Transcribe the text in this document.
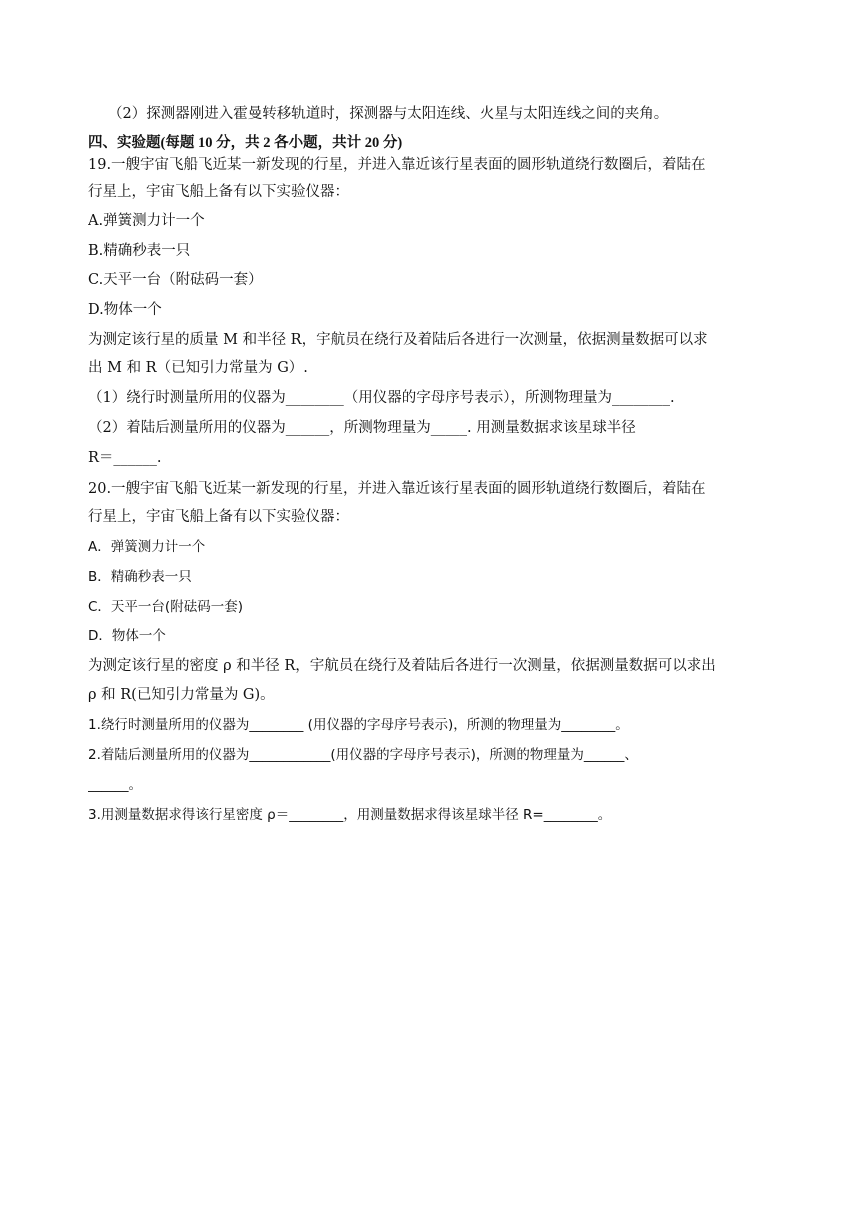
（2）探测器刚进入霍曼转移轨道时，探测器与太阳连线、火星与太阳连线之间的夹角。
四、实验题(每题 10 分，共 2 各小题，共计 20 分)
19.一艘宇宙飞船飞近某一新发现的行星，并进入靠近该行星表面的圆形轨道绕行数圈后，着陆在
行星上，宇宙飞船上备有以下实验仪器：
A.弹簧测力计一个
B.精确秒表一只
C.天平一台（附砝码一套）
D.物体一个
为测定该行星的质量 M 和半径 R，宇航员在绕行及着陆后各进行一次测量，依据测量数据可以求
出 M 和 R（已知引力常量为 G）.
（1）绕行时测量所用的仪器为________（用仪器的字母序号表示），所测物理量为________.
（2）着陆后测量所用的仪器为______，所测物理量为_____. 用测量数据求该星球半径
R＝______.
20.一艘宇宙飞船飞近某一新发现的行星，并进入靠近该行星表面的圆形轨道绕行数圈后，着陆在
行星上，宇宙飞船上备有以下实验仪器：
A．弹簧测力计一个
B．精确秒表一只
C．天平一台(附砝码一套)
D．物体一个
为测定该行星的密度 ρ 和半径 R，宇航员在绕行及着陆后各进行一次测量，依据测量数据可以求出
ρ 和 R(已知引力常量为 G)。
1.绕行时测量所用的仪器为________ (用仪器的字母序号表示)，所测的物理量为________。
2.着陆后测量所用的仪器为____________(用仪器的字母序号表示)，所测的物理量为______、
______。
3.用测量数据求得该行星密度 ρ＝________，用测量数据求得该星球半径 R=________。
